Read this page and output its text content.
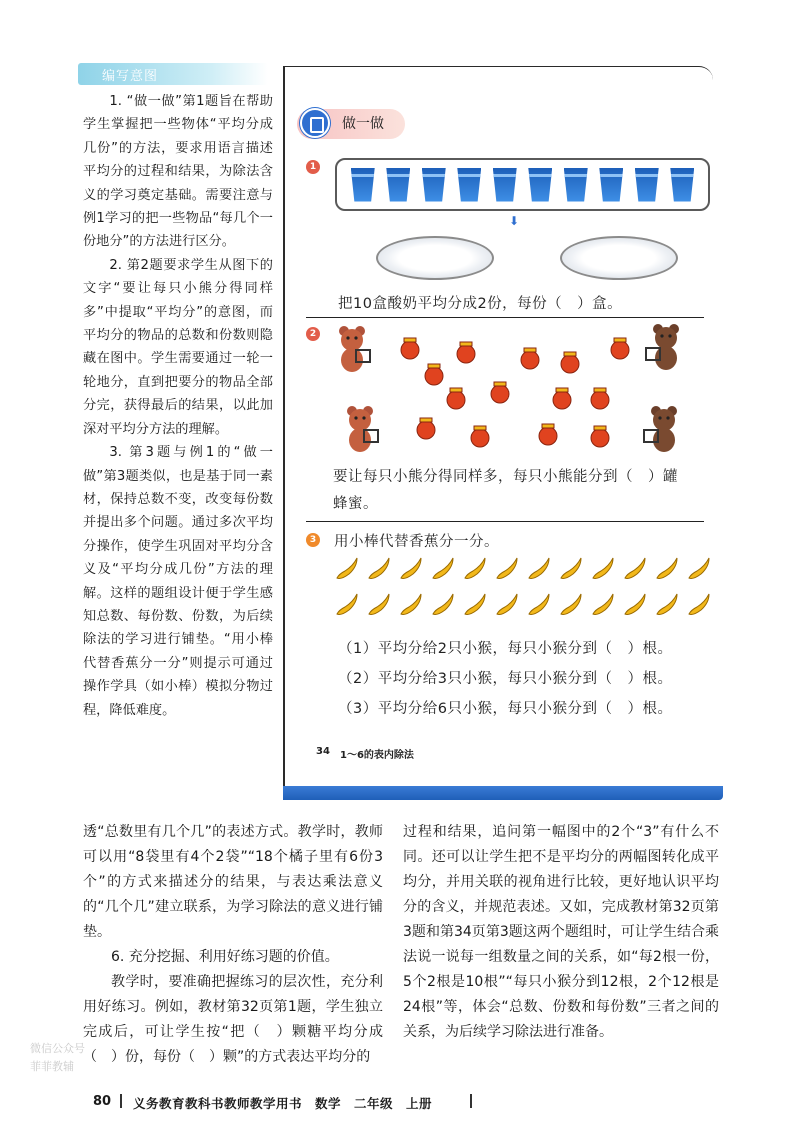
编写意图

1. “做一做”第1题旨在帮助学生掌握把一些物体“平均分成几份”的方法，要求用语言描述平均分的过程和结果，为除法含义的学习奠定基础。需要注意与例1学习的把一些物品“每几个一份地分”的方法进行区分。

2. 第2题要求学生从图下的文字“要让每只小熊分得同样多”中提取“平均分”的意图，而平均分的物品的总数和份数则隐藏在图中。学生需要通过一轮一轮地分，直到把要分的物品全部分完，获得最后的结果，以此加深对平均分方法的理解。

3. 第3题与例1的“做一做”第3题类似，也是基于同一素材，保持总数不变，改变每份数并提出多个问题。通过多次平均分操作，使学生巩固对平均分含义及“平均分成几份”方法的理解。这样的题组设计便于学生感知总数、每份数、份数，为后续除法的学习进行铺垫。“用小棒代替香蕉分一分”则提示可通过操作学具（如小棒）模拟分物过程，降低难度。

做一做
1
⬇
把10盒酸奶平均分成2份，每份（　）盒。
2
要让每只小熊分得同样多，每只小熊能分到（　）罐
蜂蜜。
3 用小棒代替香蕉分一分。
（1）平均分给2只小猴，每只小猴分到（　）根。
（2）平均分给3只小猴，每只小猴分到（　）根。
（3）平均分给6只小猴，每只小猴分到（　）根。
34 1～6的表内除法

透“总数里有几个几”的表述方式。教学时，教师可以用“8袋里有4个2袋”“18个橘子里有6份3个”的方式来描述分的结果，与表达乘法意义的“几个几”建立联系，为学习除法的意义进行铺垫。

6. 充分挖掘、利用好练习题的价值。

教学时，要准确把握练习的层次性，充分利用好练习。例如，教材第32页第1题，学生独立完成后，可让学生按“把（　）颗糖平均分成（　）份，每份（　）颗”的方式表达平均分的

过程和结果，追问第一幅图中的2个“3”有什么不同。还可以让学生把不是平均分的两幅图转化成平均分，并用关联的视角进行比较，更好地认识平均分的含义，并规范表述。又如，完成教材第32页第3题和第34页第3题这两个题组时，可让学生结合乘法说一说每一组数量之间的关系，如“每2根一份，5个2根是10根”“每只小猴分到12根，2个12根是24根”等，体会“总数、份数和每份数”三者之间的关系，为后续学习除法进行准备。

80 义务教育教科书教师教学用书　数学　二年级　上册
微信公众号
菲菲教辅
